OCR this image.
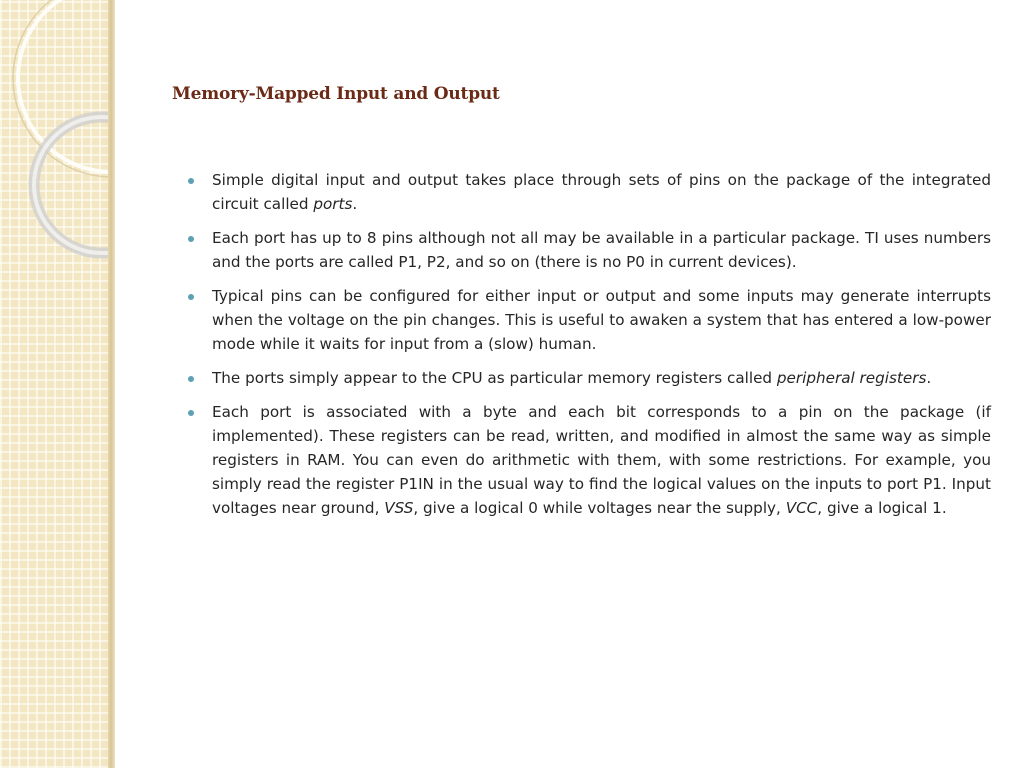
Memory-Mapped Input and Output
Simple digital input and output takes place through sets of pins on the package of the integrated circuit called ports.
Each port has up to 8 pins although not all may be available in a particular package. TI uses numbers and the ports are called P1, P2, and so on (there is no P0 in current devices).
Typical pins can be configured for either input or output and some inputs may generate interrupts when the voltage on the pin changes. This is useful to awaken a system that has entered a low-power mode while it waits for input from a (slow) human.
The ports simply appear to the CPU as particular memory registers called peripheral registers.
Each port is associated with a byte and each bit corresponds to a pin on the package (if implemented). These registers can be read, written, and modified in almost the same way as simple registers in RAM. You can even do arithmetic with them, with some restrictions. For example, you simply read the register P1IN in the usual way to find the logical values on the inputs to port P1. Input voltages near ground, VSS, give a logical 0 while voltages near the supply, VCC, give a logical 1.
